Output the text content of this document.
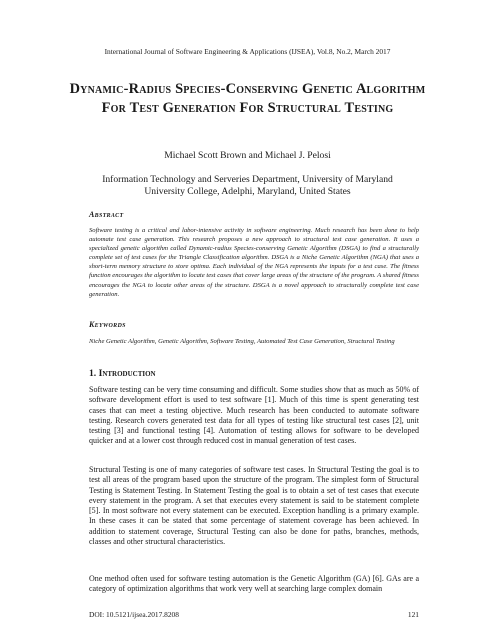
International Journal of Software Engineering & Applications (IJSEA), Vol.8, No.2, March 2017
Dynamic-Radius Species-Conserving Genetic Algorithm For Test Generation For Structural Testing
Michael Scott Brown and Michael J. Pelosi
Information Technology and Serveries Department, University of Maryland University College, Adelphi, Maryland, United States
Abstract
Software testing is a critical and labor-intensive activity in software engineering. Much research has been done to help automate test case generation. This research proposes a new approach to structural test case generation. It uses a specialized genetic algorithm called Dynamic-radius Species-conserving Genetic Algorithm (DSGA) to find a structurally complete set of test cases for the Triangle Classification algorithm. DSGA is a Niche Genetic Algorithm (NGA) that uses a short-term memory structure to store optima. Each individual of the NGA represents the inputs for a test case. The fitness function encourages the algorithm to locate test cases that cover large areas of the structure of the program. A shared fitness encourages the NGA to locate other areas of the structure. DSGA is a novel approach to structurally complete test case generation.
Keywords
Niche Genetic Algorithm, Genetic Algorithm, Software Testing, Automated Test Case Generation, Structural Testing
1. Introduction

Software testing can be very time consuming and difficult. Some studies show that as much as 50% of software development effort is used to test software [1]. Much of this time is spent generating test cases that can meet a testing objective. Much research has been conducted to automate software testing. Research covers generated test data for all types of testing like structural test cases [2], unit testing [3] and functional testing [4]. Automation of testing allows for software to be developed quicker and at a lower cost through reduced cost in manual generation of test cases.

Structural Testing is one of many categories of software test cases. In Structural Testing the goal is to test all areas of the program based upon the structure of the program. The simplest form of Structural Testing is Statement Testing. In Statement Testing the goal is to obtain a set of test cases that execute every statement in the program. A set that executes every statement is said to be statement complete [5]. In most software not every statement can be executed. Exception handling is a primary example. In these cases it can be stated that some percentage of statement coverage has been achieved. In addition to statement coverage, Structural Testing can also be done for paths, branches, methods, classes and other structural characteristics.

One method often used for software testing automation is the Genetic Algorithm (GA) [6]. GAs are a category of optimization algorithms that work very well at searching large complex domain

DOI: 10.5121/ijsea.2017.8208	121
